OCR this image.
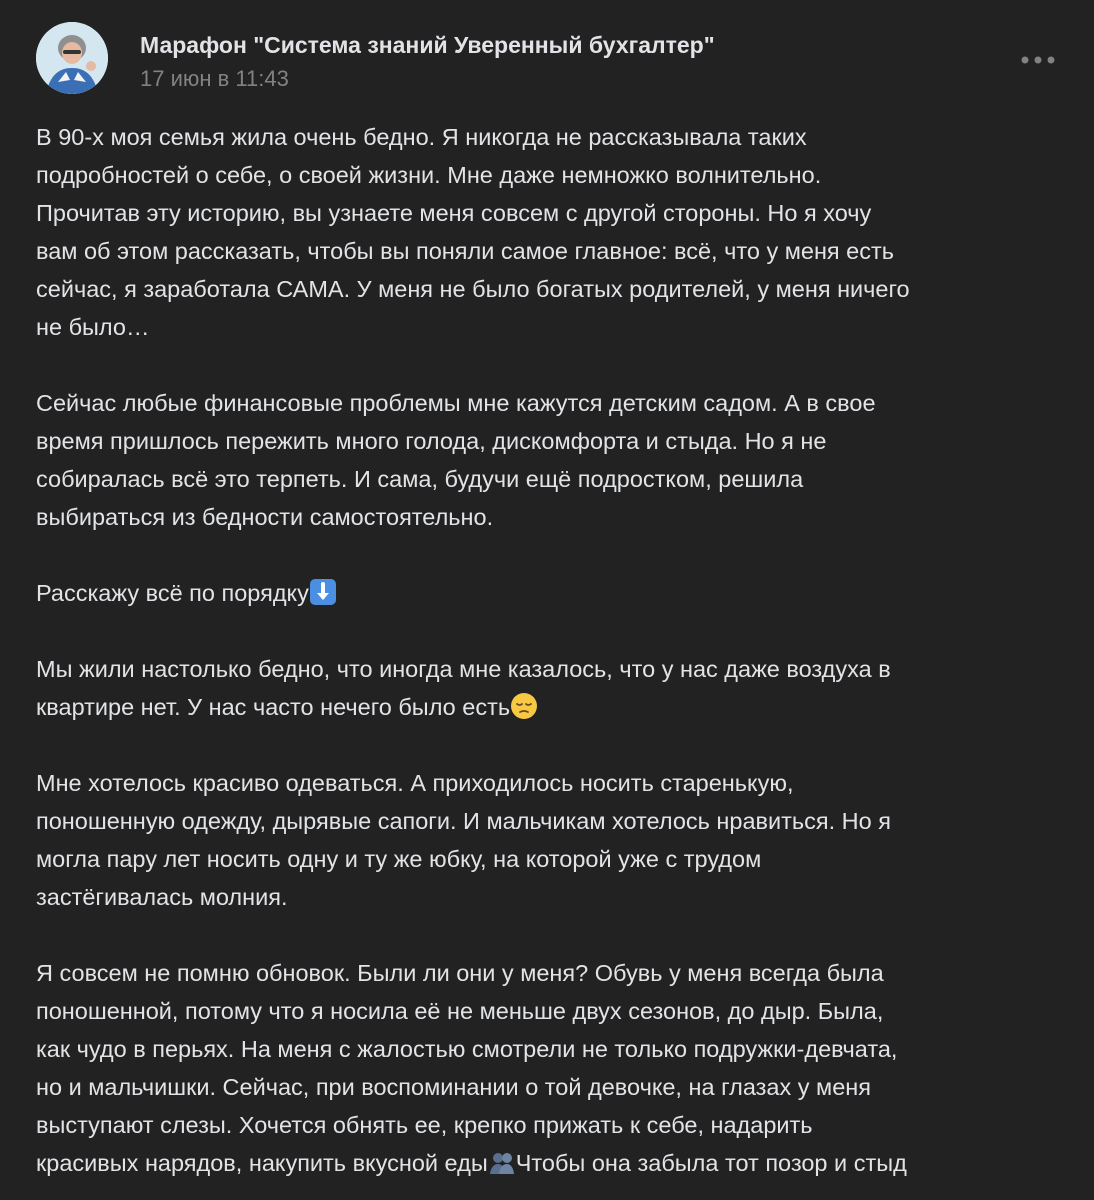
Марафон "Система знаний Уверенный бухгалтер"
17 июн в 11:43

В 90-х моя семья жила очень бедно. Я никогда не рассказывала таких
подробностей о себе, о своей жизни. Мне даже немножко волнительно.
Прочитав эту историю, вы узнаете меня совсем с другой стороны. Но я хочу
вам об этом рассказать, чтобы вы поняли самое главное: всё, что у меня есть
сейчас, я заработала САМА. У меня не было богатых родителей, у меня ничего
не было…

Сейчас любые финансовые проблемы мне кажутся детским садом. А в свое
время пришлось пережить много голода, дискомфорта и стыда. Но я не
собиралась всё это терпеть. И сама, будучи ещё подростком, решила
выбираться из бедности самостоятельно.

Расскажу всё по порядку

Мы жили настолько бедно, что иногда мне казалось, что у нас даже воздуха в
квартире нет. У нас часто нечего было есть

Мне хотелось красиво одеваться. А приходилось носить старенькую,
поношенную одежду, дырявые сапоги. И мальчикам хотелось нравиться. Но я
могла пару лет носить одну и ту же юбку, на которой уже с трудом
застёгивалась молния.

Я совсем не помню обновок. Были ли они у меня? Обувь у меня всегда была
поношенной, потому что я носила её не меньше двух сезонов, до дыр. Была,
как чудо в перьях. На меня с жалостью смотрели не только подружки-девчата,
но и мальчишки. Сейчас, при воспоминании о той девочке, на глазах у меня
выступают слезы. Хочется обнять ее, крепко прижать к себе, надарить
красивых нарядов, накупить вкусной еды Чтобы она забыла тот позор и стыд
